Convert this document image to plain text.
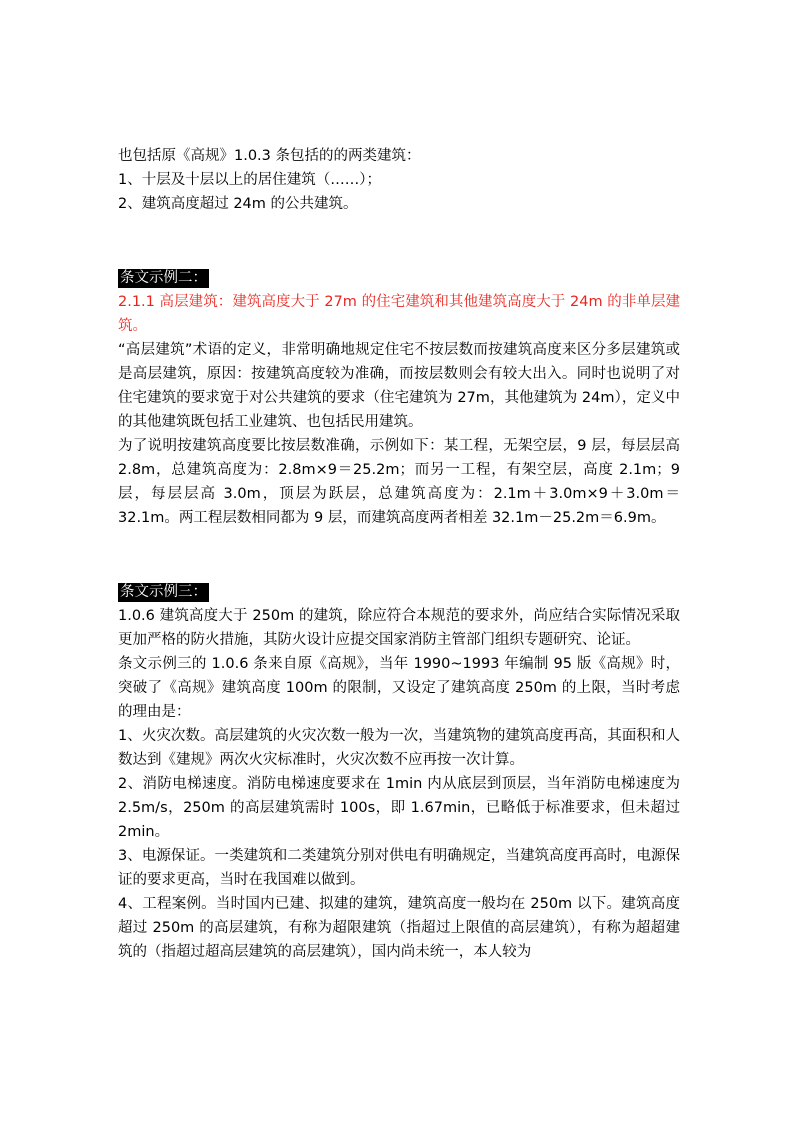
也包括原《高规》1.0.3 条包括的的两类建筑：

1、十层及十层以上的居住建筑（……）；

2、建筑高度超过 24m 的公共建筑。

条文示例二：

2.1.1 高层建筑：建筑高度大于 27m 的住宅建筑和其他建筑高度大于 24m 的非单层建筑。

“高层建筑”术语的定义，非常明确地规定住宅不按层数而按建筑高度来区分多层建筑或是高层建筑，原因：按建筑高度较为准确，而按层数则会有较大出入。同时也说明了对住宅建筑的要求宽于对公共建筑的要求（住宅建筑为 27m，其他建筑为 24m），定义中的其他建筑既包括工业建筑、也包括民用建筑。

为了说明按建筑高度要比按层数准确，示例如下：某工程，无架空层，9 层，每层层高 2.8m，总建筑高度为：2.8m×9＝25.2m；而另一工程，有架空层，高度 2.1m；9 层，每层层高 3.0m，顶层为跃层，总建筑高度为：2.1m＋3.0m×9＋3.0m＝32.1m。两工程层数相同都为 9 层，而建筑高度两者相差 32.1m－25.2m＝6.9m。

条文示例三：

1.0.6 建筑高度大于 250m 的建筑，除应符合本规范的要求外，尚应结合实际情况采取更加严格的防火措施，其防火设计应提交国家消防主管部门组织专题研究、论证。

条文示例三的 1.0.6 条来自原《高规》，当年 1990~1993 年编制 95 版《高规》时，突破了《高规》建筑高度 100m 的限制，又设定了建筑高度 250m 的上限，当时考虑的理由是：

1、火灾次数。高层建筑的火灾次数一般为一次，当建筑物的建筑高度再高，其面积和人数达到《建规》两次火灾标准时，火灾次数不应再按一次计算。

2、消防电梯速度。消防电梯速度要求在 1min 内从底层到顶层，当年消防电梯速度为 2.5m/s，250m 的高层建筑需时 100s，即 1.67min，已略低于标准要求，但未超过 2min。

3、电源保证。一类建筑和二类建筑分别对供电有明确规定，当建筑高度再高时，电源保证的要求更高，当时在我国难以做到。

4、工程案例。当时国内已建、拟建的建筑，建筑高度一般均在 250m 以下。建筑高度超过 250m 的高层建筑，有称为超限建筑（指超过上限值的高层建筑），有称为超超建筑的（指超过超高层建筑的高层建筑），国内尚未统一，本人较为
